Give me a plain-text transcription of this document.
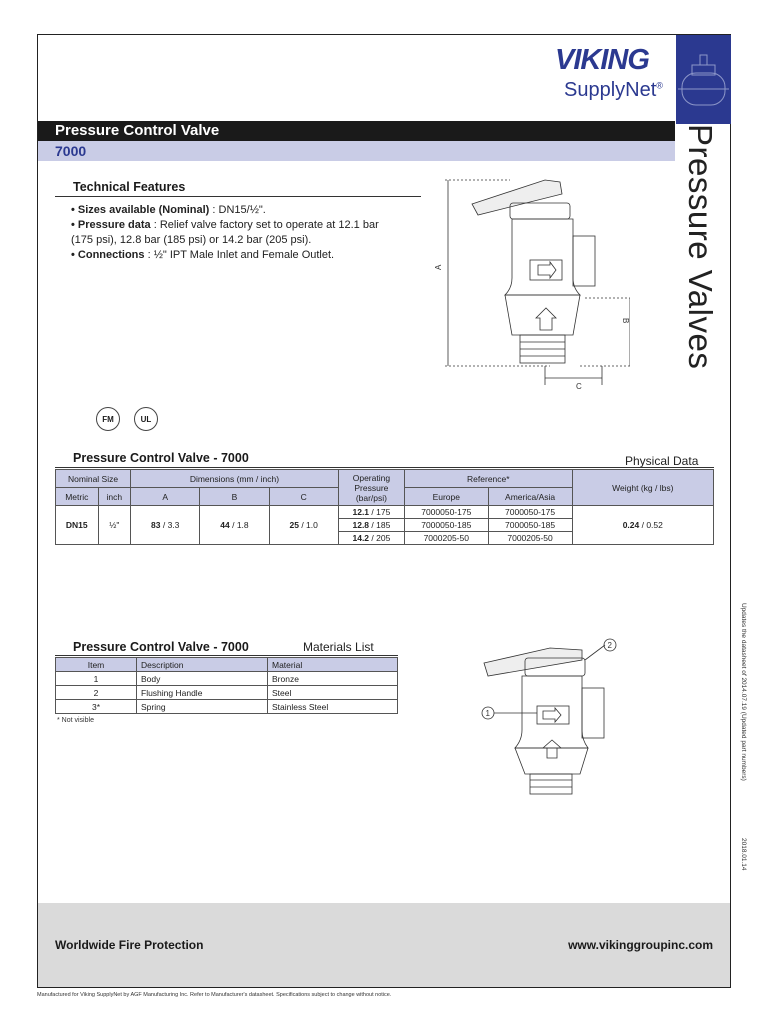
VIKING
SupplyNet®
Pressure Control Valve
7000	Pressure Valves
Technical Features
• Sizes available (Nominal) : DN15/½".
• Pressure data : Relief valve factory set to operate at 12.1 bar (175 psi), 12.8 bar (185 psi) or 14.2 bar (205 psi).
• Connections : ½" IPT Male Inlet and Female Outlet.
A
B
C
FM	UL
Pressure Control Valve - 7000	Physical Data
Nominal Size		Dimensions (mm / inch)			Operating Pressure (bar/psi)	Reference*		Weight (kg / lbs)
Metric	inch	A	B	C		Europe	America/Asia	
DN15	½"	83 / 3.3	44 / 1.8	25 / 1.0	12.1 / 175	7000050-175	7000050-175	0.24 / 0.52
					12.8 / 185	7000050-185	7000050-185	
					14.2 / 205	7000205-50	7000205-50	
Pressure Control Valve - 7000	Materials List
Item	Description	Material
1	Body	Bronze
2	Flushing Handle	Steel
3*	Spring	Stainless Steel
* Not visible
1
2	Updates the datasheet of 2014.07.19 (Updated part numbers)
2018.01.14
Worldwide Fire Protection	www.vikinggroupinc.com
Manufactured for Viking SupplyNet by AGF Manufacturing Inc. Refer to Manufacturer's datasheet. Specifications subject to change without notice.
